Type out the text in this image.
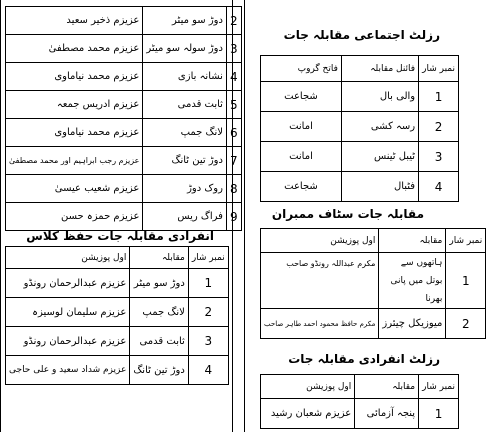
عزیزم ذخیر سعید	دوڑ سو میٹر	2
عزیزم محمد مصطفیٰ	دوڑ سولہ سو میٹر	3
عزیزم محمد نیاماوی	نشانہ بازی	4
عزیزم ادریس جمعہ	ثابت قدمی	5
عزیزم محمد نیاماوی	لانگ جمپ	6
عزیزم رجب ابراہیم اور محمد مصطفیٰ	دوڑ تین ٹانگ	7
عزیزم شعیب عیسیٰ	روک دوڑ	8
عزیزم حمزہ حسن	فراگ ریس	9
انفرادی مقابلہ جات حفظ کلاس
اول پوزیشن	مقابلہ	نمبر شار
عزیزم عبدالرحمان رونڈو	دوڑ سو میٹر	1
عزیزم سلیمان لوسیزہ	لانگ جمپ	2
عزیزم عبدالرحمان رونڈو	ثابت قدمی	3
عزیزم شداد سعید و علی حاجی	دوڑ تین ٹانگ	4
رزلٹ اجتماعی مقابلہ جات
فاتح گروپ	فائنل مقابلہ	نمبر شار
شجاعت	والی بال	1
امانت	رسہ کشی	2
امانت	ٹیبل ٹینس	3
شجاعت	فٹبال	4
مقابلہ جات سٹاف ممبران
اول پوزیشن	مقابلہ	نمبر شار
مکرم عبداللہ رونڈو صاحب	ہاتھوں سے بوتل میں پانی بھرنا	1
مکرم حافظ محمود احمد طاہر صاحب	میوزیکل چیئرز	2
رزلٹ انفرادی مقابلہ جات
اول پوزیشن	مقابلہ	نمبر شار
عزیزم شعبان رشید	پنجہ آزمائی	1
